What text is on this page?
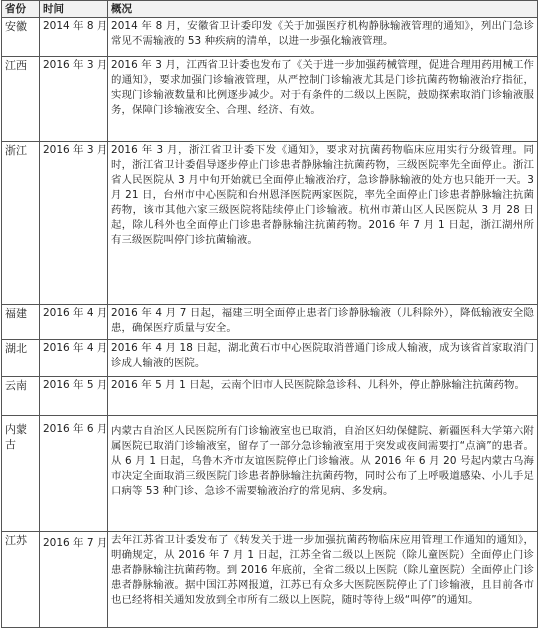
省份	时间	概况
安徽	2014 年 8 月	2014 年 8 月，安徽省卫计委印发《关于加强医疗机构静脉输液管理的通知》，列出门急诊常见不需输液的 53 种疾病的清单，以进一步强化输液管理。
江西	2016 年 3 月	2016 年 3 月，江西省卫计委也发布了《关于进一步加强药械管理，促进合理用药用械工作的通知》，要求加强门诊输液管理，从严控制门诊输液尤其是门诊抗菌药物输液治疗指征，实现门诊输液数量和比例逐步减少。对于有条件的二级以上医院，鼓励探索取消门诊输液服务，保障门诊输液安全、合理、经济、有效。
浙江	2016 年 3 月	2016 年 3 月，浙江省卫计委下发《通知》，要求对抗菌药物临床应用实行分级管理。同时，浙江省卫计委倡导逐步停止门诊患者静脉输注抗菌药物，三级医院率先全面停止。浙江省人民医院从 3 月中旬开始就已全面停止输液治疗，急诊静脉输液的处方也只能开一天。3 月 21 日，台州市中心医院和台州恩泽医院两家医院，率先全面停止门诊患者静脉输注抗菌药物，该市其他六家三级医院将陆续停止门诊输液。杭州市萧山区人民医院从 3 月 28 日起，除儿科外也全面停止门诊患者静脉输注抗菌药物。2016 年 7 月 1 日起，浙江湖州所有三级医院叫停门诊抗菌输液。
福建	2016 年 4 月	2016 年 4 月 7 日起，福建三明全面停止患者门诊静脉输液（儿科除外），降低输液安全隐患，确保医疗质量与安全。
湖北	2016 年 4 月	2016 年 4 月 18 日起，湖北黄石市中心医院取消普通门诊成人输液，成为该省首家取消门诊成人输液的医院。
云南	2016 年 5 月	2016 年 5 月 1 日起，云南个旧市人民医院除急诊科、儿科外，停止静脉输注抗菌药物。
内蒙古	2016 年 6 月	内蒙古自治区人民医院所有门诊输液室也已取消，自治区妇幼保健院、新疆医科大学第六附属医院已取消门诊输液室，留存了一部分急诊输液室用于突发或夜间需要打“点滴”的患者。从 6 月 1 日起，乌鲁木齐市友谊医院停止门诊输液。从 2016 年 6 月 20 号起内蒙古乌海市决定全面取消三级医院门诊患者静脉输注抗菌药物，同时公布了上呼吸道感染、小儿手足口病等 53 种门诊、急诊不需要输液治疗的常见病、多发病。
江苏	2016 年 7 月	去年江苏省卫计委发布了《转发关于进一步加强抗菌药物临床应用管理工作通知的通知》，明确规定，从 2016 年 7 月 1 日起，江苏全省二级以上医院（除儿童医院）全面停止门诊患者静脉输注抗菌药物。到 2016 年底前，全省二级以上医院（除儿童医院）全面停止门诊患者静脉输液。据中国江苏网报道，江苏已有众多大医院医院停止了门诊输液，且目前各市也已经将相关通知发放到全市所有二级以上医院，随时等待上级“叫停”的通知。
